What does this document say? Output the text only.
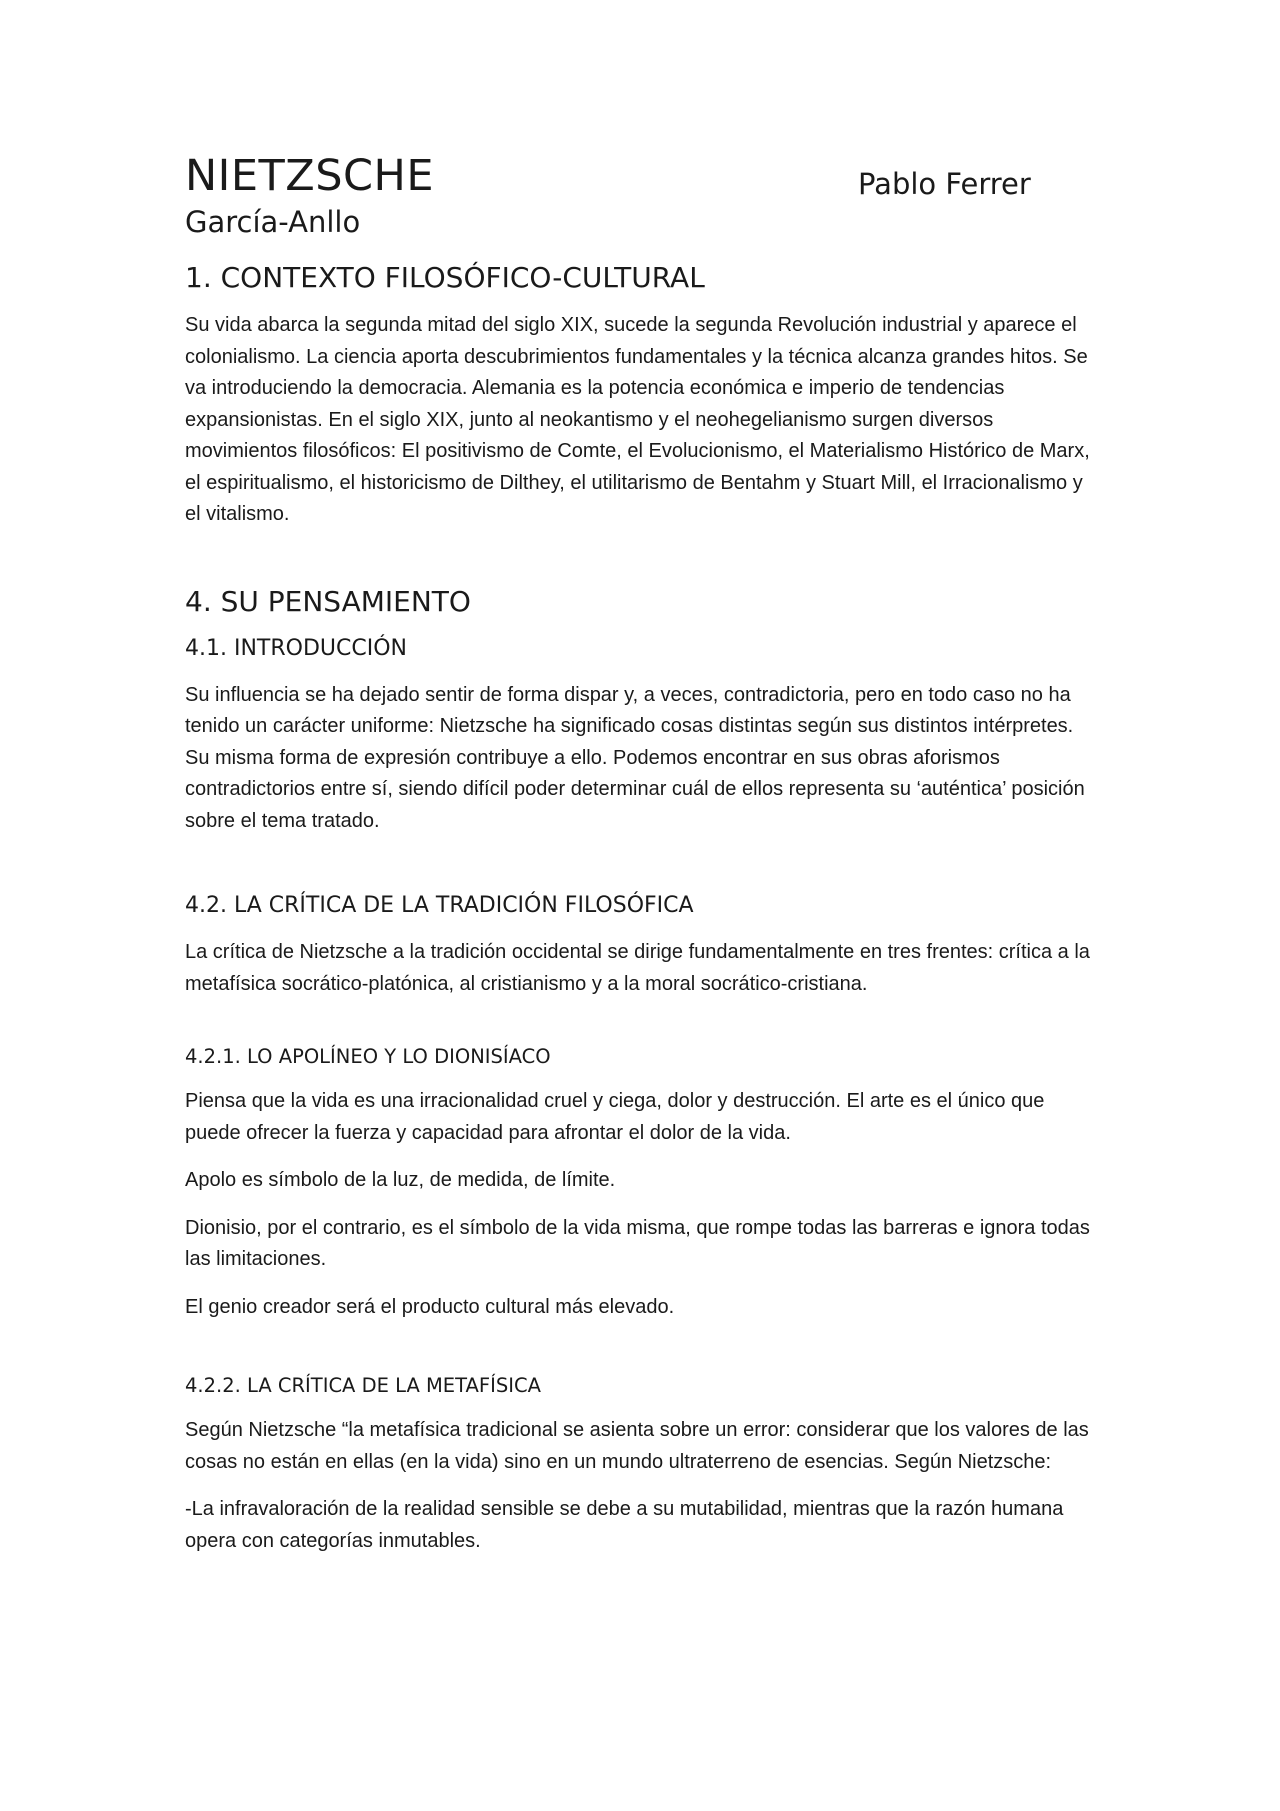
NIETZSCHE	Pablo Ferrer
García-Anllo
1. CONTEXTO FILOSÓFICO-CULTURAL

Su vida abarca la segunda mitad del siglo XIX, sucede la segunda Revolución industrial y aparece el colonialismo. La ciencia aporta descubrimientos fundamentales y la técnica alcanza grandes hitos. Se va introduciendo la democracia. Alemania es la potencia económica e imperio de tendencias expansionistas. En el siglo XIX, junto al neokantismo y el neohegelianismo surgen diversos movimientos filosóficos: El positivismo de Comte, el Evolucionismo, el Materialismo Histórico de Marx, el espiritualismo, el historicismo de Dilthey, el utilitarismo de Bentahm y Stuart Mill, el Irracionalismo y el vitalismo.

4. SU PENSAMIENTO
4.1. INTRODUCCIÓN

Su influencia se ha dejado sentir de forma dispar y, a veces, contradictoria, pero en todo caso no ha tenido un carácter uniforme: Nietzsche ha significado cosas distintas según sus distintos intérpretes. Su misma forma de expresión contribuye a ello. Podemos encontrar en sus obras aforismos contradictorios entre sí, siendo difícil poder determinar cuál de ellos representa su ‘auténtica’ posición sobre el tema tratado.

4.2. LA CRÍTICA DE LA TRADICIÓN FILOSÓFICA

La crítica de Nietzsche a la tradición occidental se dirige fundamentalmente en tres frentes: crítica a la metafísica socrático-platónica, al cristianismo y a la moral socrático-cristiana.

4.2.1. LO APOLÍNEO Y LO DIONISÍACO

Piensa que la vida es una irracionalidad cruel y ciega, dolor y destrucción. El arte es el único que puede ofrecer la fuerza y capacidad para afrontar el dolor de la vida.

Apolo es símbolo de la luz, de medida, de límite.

Dionisio, por el contrario, es el símbolo de la vida misma, que rompe todas las barreras e ignora todas las limitaciones.

El genio creador será el producto cultural más elevado.

4.2.2. LA CRÍTICA DE LA METAFÍSICA

Según Nietzsche “la metafísica tradicional se asienta sobre un error: considerar que los valores de las cosas no están en ellas (en la vida) sino en un mundo ultraterreno de esencias. Según Nietzsche:

-La infravaloración de la realidad sensible se debe a su mutabilidad, mientras que la razón humana opera con categorías inmutables.
